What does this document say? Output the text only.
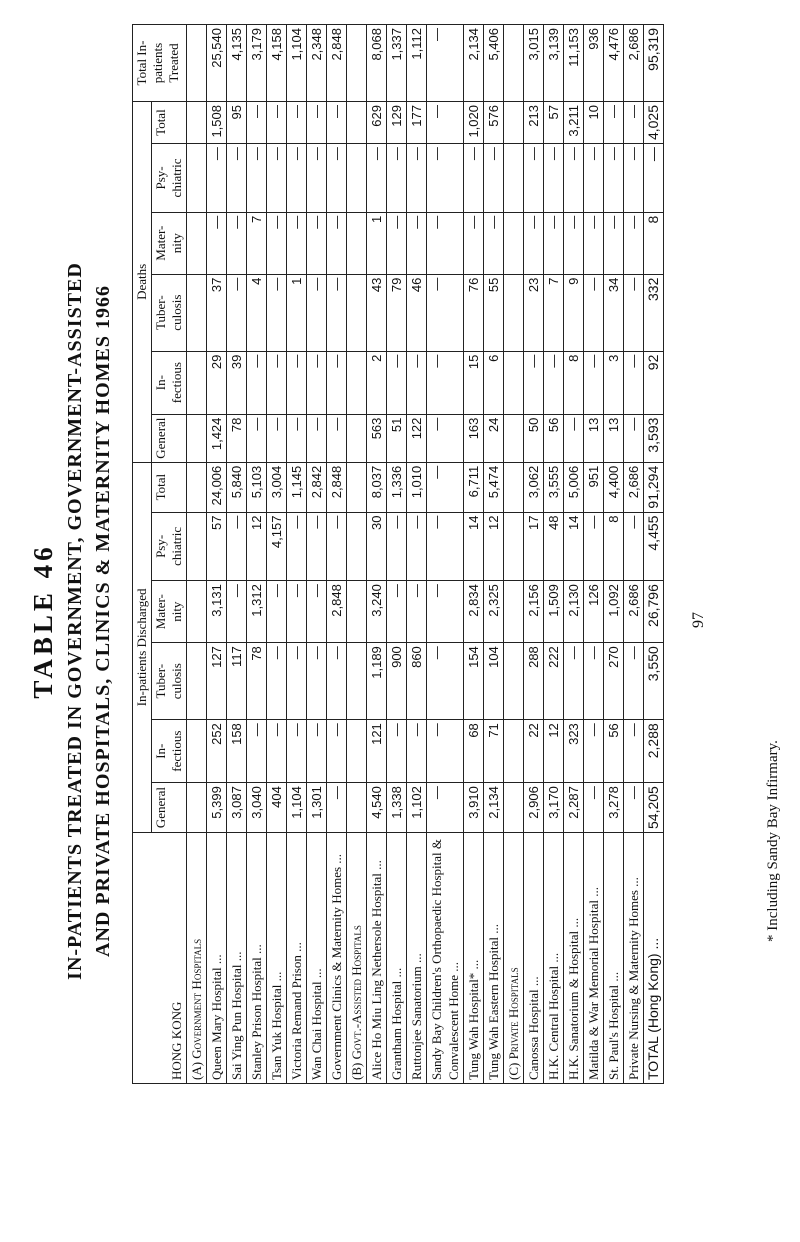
TABLE 46 IN-PATIENTS TREATED IN GOVERNMENT, GOVERNMENT-ASSISTED AND PRIVATE HOSPITALS, CLINICS & MATERNITY HOMES 1966
HONG KONG	In-patients Discharged						Deaths						Total In-patients Treated
	General	In-fectious	Tuber-culosis	Mater-nity	Psy-chiatric	Total	General	In-fectious	Tuber-culosis	Mater-nity	Psy-chiatric	Total	
(A) Government Hospitals													
Queen Mary Hospital ...	5,399	252	127	3,131	57	24,006	1,424	29	37	—	—	1,508	25,540
Sai Ying Pun Hospital ...	3,087	158	117	—	—	5,840	78	39	—	—	—	95	4,135
Stanley Prison Hospital ...	3,040	—	78	1,312	12	5,103	—	—	4	7	—	—	3,179
Tsan Yuk Hospital ...	404	—	—	—	4,157	3,004	—	—	—	—	—	—	4,158
Victoria Remand Prison ...	1,104	—	—	—	—	1,145	—	—	1	—	—	—	1,104
Wan Chai Hospital ...	1,301	—	—	—	—	2,842	—	—	—	—	—	—	2,348
Government Clinics & Maternity Homes ...	—	—	—	2,848	—	2,848	—	—	—	—	—	—	2,848
(B) Govt.-Assisted Hospitals													
Alice Ho Miu Ling Nethersole Hospital ...	4,540	121	1,189	3,240	30	8,037	563	2	43	1	—	629	8,068
Grantham Hospital ...	1,338	—	900	—	—	1,336	51	—	79	—	—	129	1,337
Ruttonjee Sanatorium ...	1,102	—	860	—	—	1,010	122	—	46	—	—	177	1,112
Sandy Bay Children's Orthopaedic Hospital & Convalescent Home ...	—	—	—	—	—	—	—	—	—	—	—	—	—
Tung Wah Hospital* ...	3,910	68	154	2,834	14	6,711	163	15	76	—	—	1,020	2,134
Tung Wah Eastern Hospital ...	2,134	71	104	2,325	12	5,474	24	6	55	—	—	576	5,406
(C) Private Hospitals													
Canossa Hospital ...	2,906	22	288	2,156	17	3,062	50	—	23	—	—	213	3,015
H.K. Central Hospital ...	3,170	12	222	1,509	48	3,555	56	—	7	—	—	57	3,139
H.K. Sanatorium & Hospital ...	2,287	323	—	2,130	14	5,006	—	8	9	—	—	3,211	11,153
Matilda & War Memorial Hospital ...	—	—	—	126	—	951	13	—	—	—	—	10	936
St. Paul's Hospital ...	3,278	56	270	1,092	8	4,400	13	3	34	—	—	—	4,476
Private Nursing & Maternity Homes ...	—	—	—	2,686	—	2,686	—	—	—	—	—	—	2,686
TOTAL (Hong Kong) ...	54,205	2,288	3,550	26,796	4,455	91,294	3,593	92	332	8	—	4,025	95,319
97
* Including Sandy Bay Infirmary.
